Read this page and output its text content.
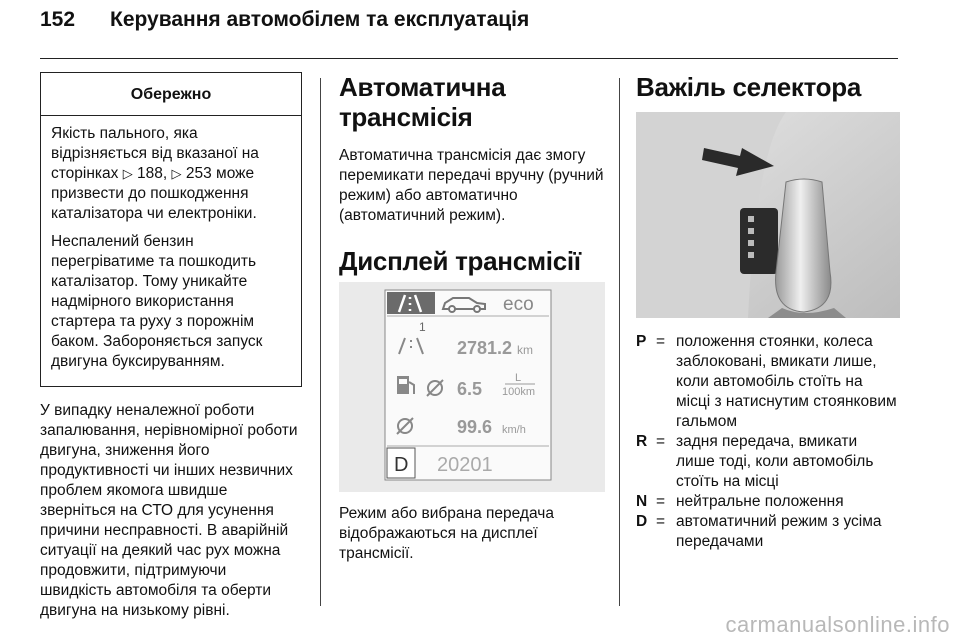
152 Керування автомобілем та експлуатація
Обережно

Якість пального, яка відрізняється від вказаної на сторінках ▷ 188, ▷ 253 може призвести до пошкодження каталізатора чи електроніки.

Неспалений бензин перегріватиме та пошкодить каталізатор. Тому уникайте надмірного використання стартера та руху з порожнім баком. Забороняється запуск двигуна буксируванням.

У випадку неналежної роботи запалювання, нерівномірної роботи двигуна, зниження його продуктивності чи інших незвичних проблем якомога швидше зверніться на СТО для усунення причини несправності. В аварійній ситуації на деякий час рух можна продовжити, підтримуючи швидкість автомобіля та оберти двигуна на низькому рівні.

Автоматична трансмісія

Автоматична трансмісія дає змогу перемикати передачі вручну (ручний режим) або автоматично (автоматичний режим).

Дисплей трансмісії
eco
1
2781.2 km
6.5
L
100km
99.6 km/h
D 20201

Режим або вибрана передача відображаються на дисплеї трансмісії.

Важіль селектора
P = положення стоянки, колеса заблоковані, вмикати лише, коли автомобіль стоїть на місці з натиснутим стоянковим гальмом
R = задня передача, вмикати лише тоді, коли автомобіль стоїть на місці
N = нейтральне положення
D = автоматичний режим з усіма передачами
carmanualsonline.info
